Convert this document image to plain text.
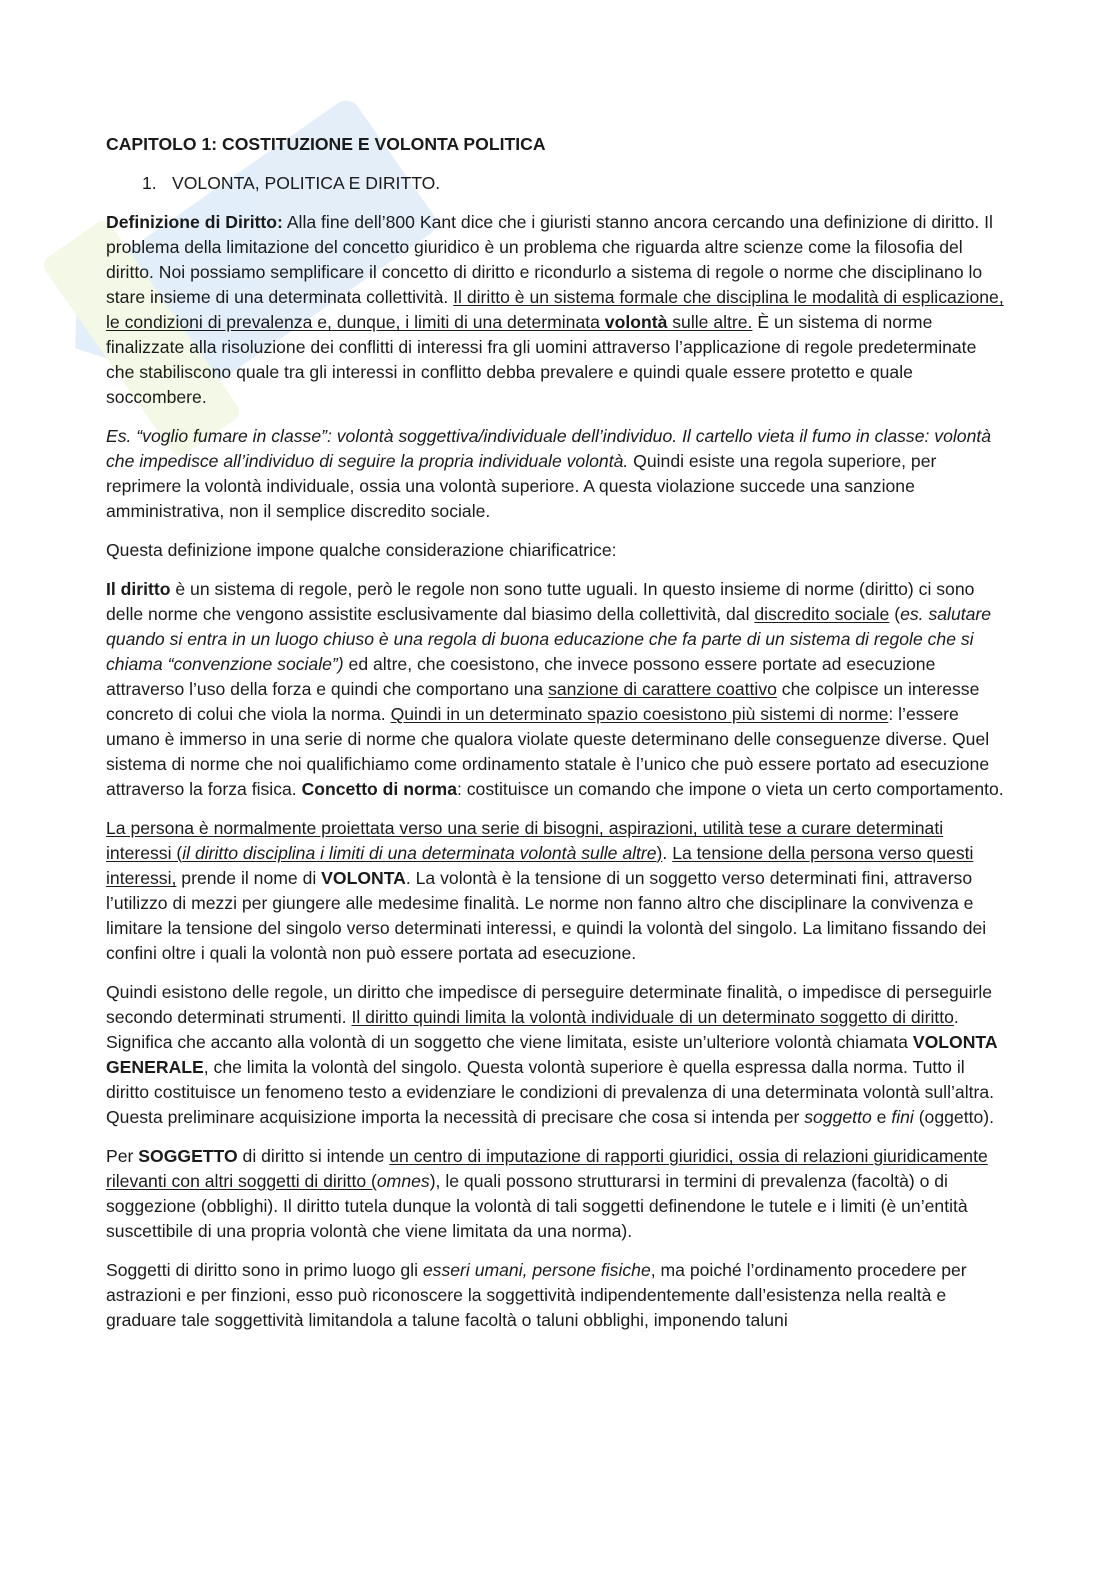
CAPITOLO 1: COSTITUZIONE E VOLONTA POLITICA
1. VOLONTA, POLITICA E DIRITTO.

Definizione di Diritto: Alla fine dell’800 Kant dice che i giuristi stanno ancora cercando una definizione di diritto. Il problema della limitazione del concetto giuridico è un problema che riguarda altre scienze come la filosofia del diritto. Noi possiamo semplificare il concetto di diritto e ricondurlo a sistema di regole o norme che disciplinano lo stare insieme di una determinata collettività. Il diritto è un sistema formale che disciplina le modalità di esplicazione, le condizioni di prevalenza e, dunque, i limiti di una determinata volontà sulle altre. È un sistema di norme finalizzate alla risoluzione dei conflitti di interessi fra gli uomini attraverso l’applicazione di regole predeterminate che stabiliscono quale tra gli interessi in conflitto debba prevalere e quindi quale essere protetto e quale soccombere.

Es. “voglio fumare in classe”: volontà soggettiva/individuale dell’individuo. Il cartello vieta il fumo in classe: volontà che impedisce all’individuo di seguire la propria individuale volontà. Quindi esiste una regola superiore, per reprimere la volontà individuale, ossia una volontà superiore. A questa violazione succede una sanzione amministrativa, non il semplice discredito sociale.

Questa definizione impone qualche considerazione chiarificatrice:

Il diritto è un sistema di regole, però le regole non sono tutte uguali. In questo insieme di norme (diritto) ci sono delle norme che vengono assistite esclusivamente dal biasimo della collettività, dal discredito sociale (es. salutare quando si entra in un luogo chiuso è una regola di buona educazione che fa parte di un sistema di regole che si chiama “convenzione sociale”) ed altre, che coesistono, che invece possono essere portate ad esecuzione attraverso l’uso della forza e quindi che comportano una sanzione di carattere coattivo che colpisce un interesse concreto di colui che viola la norma. Quindi in un determinato spazio coesistono più sistemi di norme: l’essere umano è immerso in una serie di norme che qualora violate queste determinano delle conseguenze diverse. Quel sistema di norme che noi qualifichiamo come ordinamento statale è l’unico che può essere portato ad esecuzione attraverso la forza fisica. Concetto di norma: costituisce un comando che impone o vieta un certo comportamento.

La persona è normalmente proiettata verso una serie di bisogni, aspirazioni, utilità tese a curare determinati interessi (il diritto disciplina i limiti di una determinata volontà sulle altre). La tensione della persona verso questi interessi, prende il nome di VOLONTA. La volontà è la tensione di un soggetto verso determinati fini, attraverso l’utilizzo di mezzi per giungere alle medesime finalità. Le norme non fanno altro che disciplinare la convivenza e limitare la tensione del singolo verso determinati interessi, e quindi la volontà del singolo. La limitano fissando dei confini oltre i quali la volontà non può essere portata ad esecuzione.

Quindi esistono delle regole, un diritto che impedisce di perseguire determinate finalità, o impedisce di perseguirle secondo determinati strumenti. Il diritto quindi limita la volontà individuale di un determinato soggetto di diritto. Significa che accanto alla volontà di un soggetto che viene limitata, esiste un’ulteriore volontà chiamata VOLONTA GENERALE, che limita la volontà del singolo. Questa volontà superiore è quella espressa dalla norma. Tutto il diritto costituisce un fenomeno testo a evidenziare le condizioni di prevalenza di una determinata volontà sull’altra. Questa preliminare acquisizione importa la necessità di precisare che cosa si intenda per soggetto e fini (oggetto).

Per SOGGETTO di diritto si intende un centro di imputazione di rapporti giuridici, ossia di relazioni giuridicamente rilevanti con altri soggetti di diritto (omnes), le quali possono strutturarsi in termini di prevalenza (facoltà) o di soggezione (obblighi). Il diritto tutela dunque la volontà di tali soggetti definendone le tutele e i limiti (è un’entità suscettibile di una propria volontà che viene limitata da una norma).

Soggetti di diritto sono in primo luogo gli esseri umani, persone fisiche, ma poiché l’ordinamento procedere per astrazioni e per finzioni, esso può riconoscere la soggettività indipendentemente dall’esistenza nella realtà e graduare tale soggettività limitandola a talune facoltà o taluni obblighi, imponendo taluni
